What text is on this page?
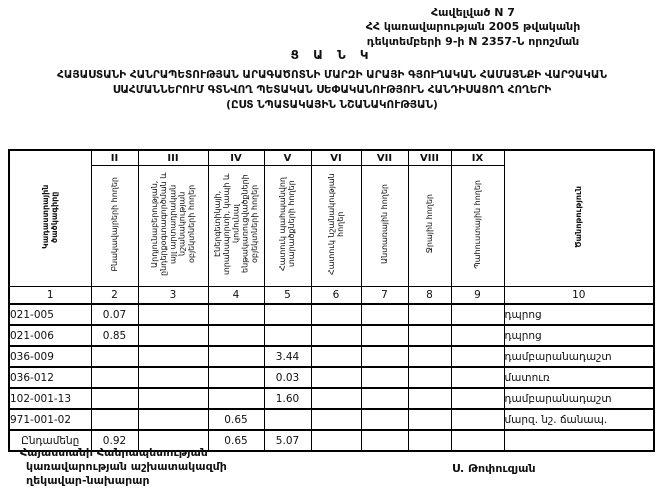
Հավելված N 7
ՀՀ կառավարության 2005 թվականի
դեկտեմբերի 9-ի N 2357-Ն որոշման
Ց Ա Ն Կ
ՀԱՅԱՍՏԱՆԻ ՀԱՆՐԱՊԵՏՈՒԹՅԱՆ ԱՐԱԳԱԾՈՏՆԻ ՄԱՐԶԻ ԱՐԱՅԻ ԳՅՈՒՂԱԿԱՆ ՀԱՄԱՅՆՔԻ ՎԱՐՉԱԿԱՆ ՍԱՀՄԱՆՆԵՐՈՒՄ ԳՏՆՎՈՂ ՊԵՏԱԿԱՆ ՍԵՓԱԿԱՆՈՒԹՅՈՒՆ ՀԱՆԴԻՍԱՑՈՂ ՀՈՂԵՐԻ
(ԸՍՏ ՆՊԱՏԱԿԱՅԻՆ ՆՇԱՆԱԿՈՒԹՅԱՆ)
Կադաստրային ծածկագիրը	II	III	IV	V	VI	VII	VIII	IX	Ծանոթություն
	Բնակավայրերի հողեր	Արդյունաբերության, ընդերքօգտագործման և այլ արտադրական նշանակության օբյեկտների հողեր	Էներգետիկայի, տրանսպորտի, կապի և կոմունալ ենթակառուցվածքների օբյեկտների հողեր	Հատուկ պահպանվող տարածքների հողեր	Հատուկ նշանակության հողեր	Անտառային հողեր	Ջրային հողեր	Պահուստային հողեր	
1	2	3	4	5	6	7	8	9	10
021-005	0.07								դպրոց
021-006	0.85								դպրոց
036-009				3.44					դամբարանադաշտ
036-012				0.03					մատուռ
102-001-13				1.60					դամբարանադաշտ
971-001-02			0.65						մարզ. նշ. ճանապ.
Ընդամենը	0.92		0.65	5.07					
Հայաստանի Հանրապետության
կառավարության աշխատակազմի
ղեկավար-նախարար
Ս. Թոփուզյան
